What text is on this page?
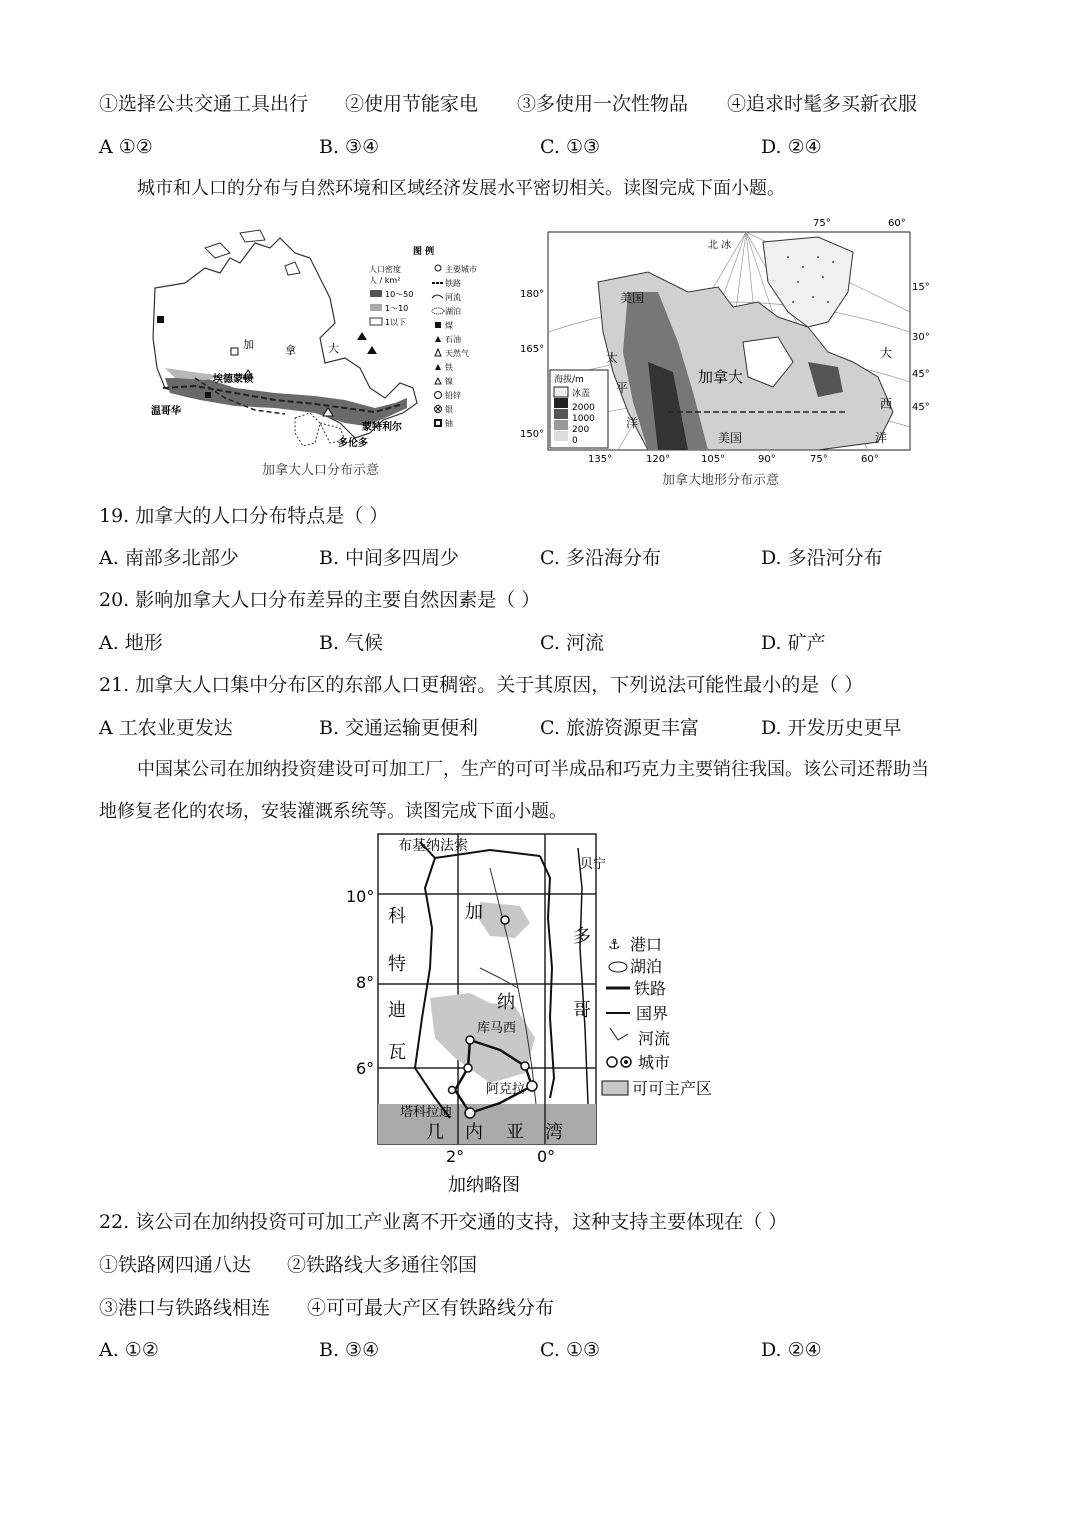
①选择公共交通工具出行 ②使用节能家电 ③多使用一次性物品 ④追求时髦多买新衣服
A ①②	B. ③④	C. ①③	D. ②④
城市和人口的分布与自然环境和区域经济发展水平密切相关。读图完成下面小题。
加	拿	大
埃德蒙顿
温哥华
蒙特利尔
多伦多
图 例
人口密度
人 / km²
10～50
1～10
1以下
主要城市
铁路
河流
湖泊
煤
石油
天然气
铁
镍
铅锌
银
铀
加拿大人口分布示意
北 冰
美国
加拿大
美国
太
平
洋
大
西
洋
75°	60°
180°
165°
150°
15°
30°
45°
45°
135°	120°	105°	90°	75°	60°
海拔/m
冰盖
2000
1000
200
0
加拿大地形分布示意
19. 加拿大的人口分布特点是（ ）
A. 南部多北部少	B. 中间多四周少	C. 多沿海分布	D. 多沿河分布
20. 影响加拿大人口分布差异的主要自然因素是（ ）
A. 地形	B. 气候	C. 河流	D. 矿产
21. 加拿大人口集中分布区的东部人口更稠密。关于其原因，下列说法可能性最小的是（ ）
A 工农业更发达	B. 交通运输更便利	C. 旅游资源更丰富	D. 开发历史更早
中国某公司在加纳投资建设可可加工厂，生产的可可半成品和巧克力主要销往我国。该公司还帮助当
地修复老化的农场，安装灌溉系统等。读图完成下面小题。
布基纳法索
贝宁
科
特
迪
瓦
加
纳
多
哥
库马西
阿克拉
塔科拉迪
几 内 亚 湾
10°
8°
6°
2°	0°
⚓ 港口
湖泊
铁路
国界
河流
城市
可可主产区
加纳略图
22. 该公司在加纳投资可可加工产业离不开交通的支持，这种支持主要体现在（ ）
①铁路网四通八达 ②铁路线大多通往邻国
③港口与铁路线相连 ④可可最大产区有铁路线分布
A. ①②	B. ③④	C. ①③	D. ②④
